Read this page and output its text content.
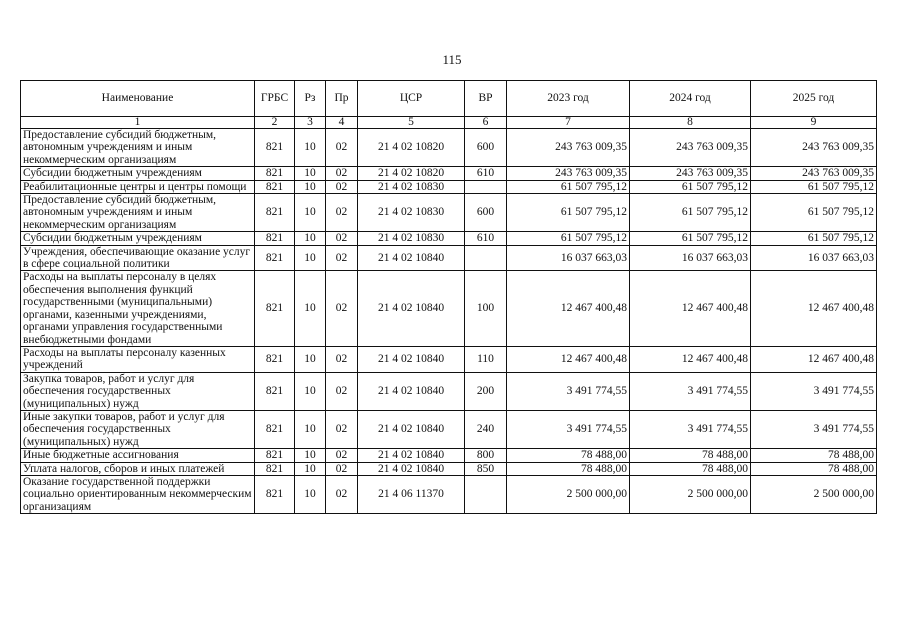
115
Наименование	ГРБС	Рз	Пр	ЦСР	ВР	2023 год	2024 год	2025 год
1	2	3	4	5	6	7	8	9
Предоставление субсидий бюджетным, автономным учреждениям и иным некоммерческим организациям	821	10	02	21 4 02 10820	600	243 763 009,35	243 763 009,35	243 763 009,35
Субсидии бюджетным учреждениям	821	10	02	21 4 02 10820	610	243 763 009,35	243 763 009,35	243 763 009,35
Реабилитационные центры и центры помощи	821	10	02	21 4 02 10830		61 507 795,12	61 507 795,12	61 507 795,12
Предоставление субсидий бюджетным, автономным учреждениям и иным некоммерческим организациям	821	10	02	21 4 02 10830	600	61 507 795,12	61 507 795,12	61 507 795,12
Субсидии бюджетным учреждениям	821	10	02	21 4 02 10830	610	61 507 795,12	61 507 795,12	61 507 795,12
Учреждения, обеспечивающие оказание услуг в сфере социальной политики	821	10	02	21 4 02 10840		16 037 663,03	16 037 663,03	16 037 663,03
Расходы на выплаты персоналу в целях обеспечения выполнения функций государственными (муниципальными) органами, казенными учреждениями, органами управления государственными внебюджетными фондами	821	10	02	21 4 02 10840	100	12 467 400,48	12 467 400,48	12 467 400,48
Расходы на выплаты персоналу казенных учреждений	821	10	02	21 4 02 10840	110	12 467 400,48	12 467 400,48	12 467 400,48
Закупка товаров, работ и услуг для обеспечения государственных (муниципальных) нужд	821	10	02	21 4 02 10840	200	3 491 774,55	3 491 774,55	3 491 774,55
Иные закупки товаров, работ и услуг для обеспечения государственных (муниципальных) нужд	821	10	02	21 4 02 10840	240	3 491 774,55	3 491 774,55	3 491 774,55
Иные бюджетные ассигнования	821	10	02	21 4 02 10840	800	78 488,00	78 488,00	78 488,00
Уплата налогов, сборов и иных платежей	821	10	02	21 4 02 10840	850	78 488,00	78 488,00	78 488,00
Оказание государственной поддержки социально ориентированным некоммерческим организациям	821	10	02	21 4 06 11370		2 500 000,00	2 500 000,00	2 500 000,00
